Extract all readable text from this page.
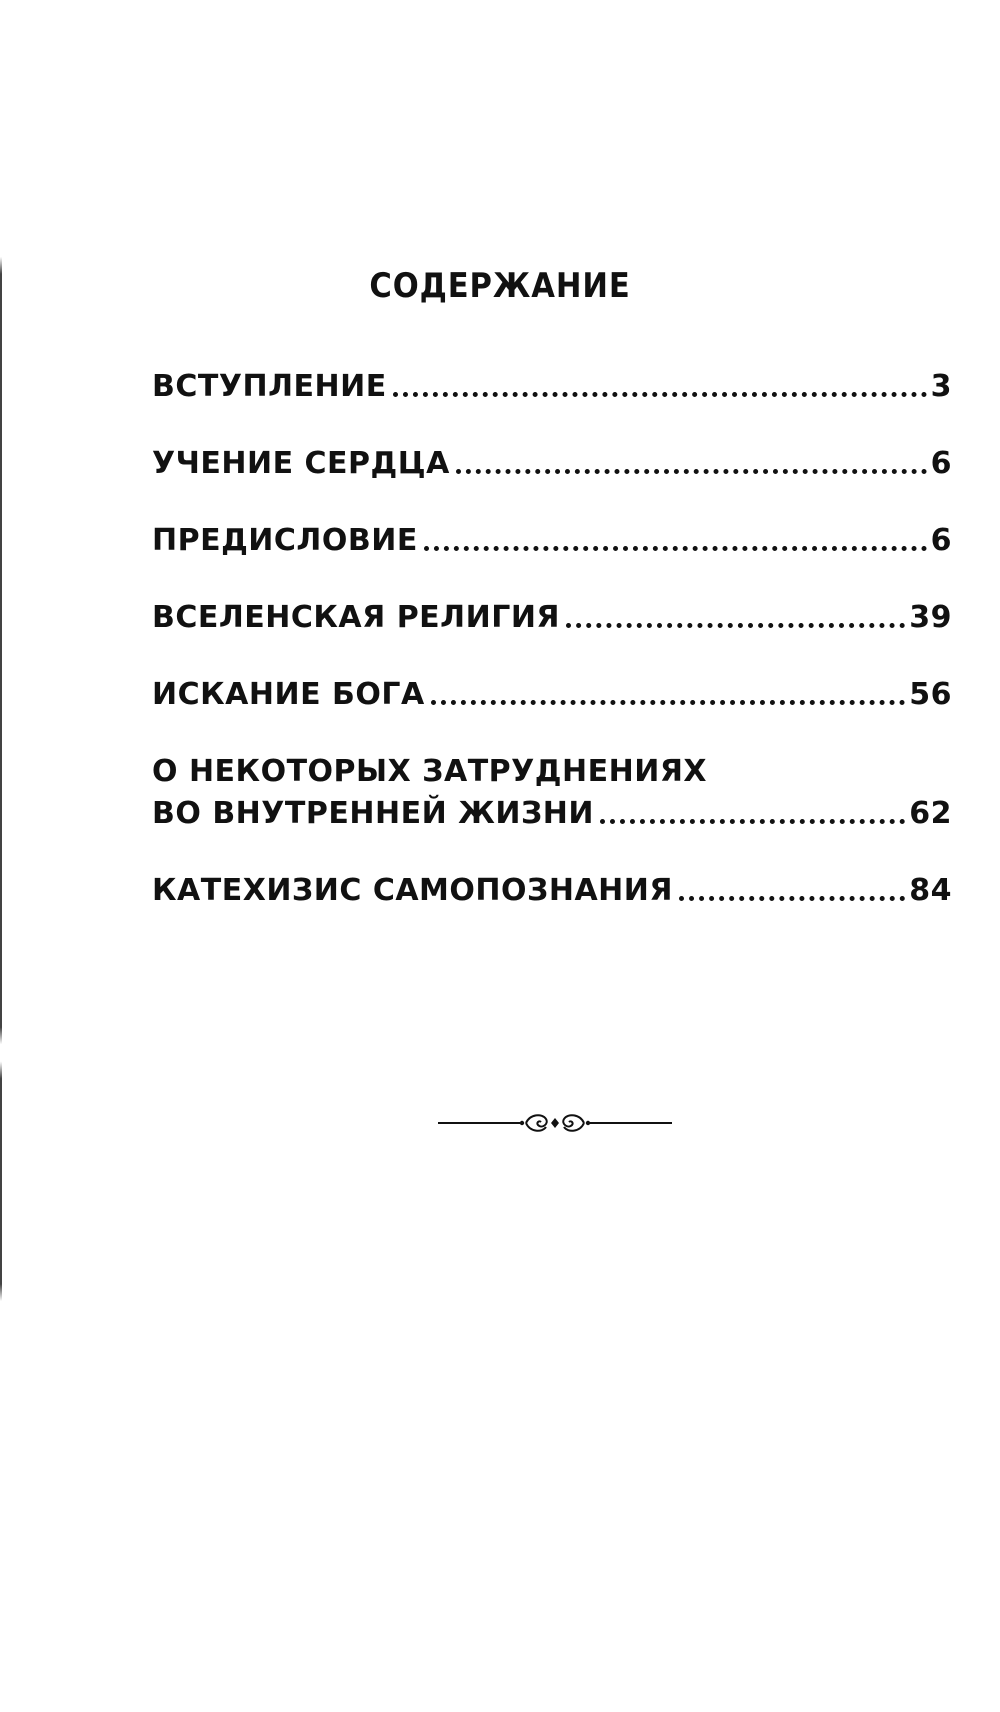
СОДЕРЖАНИЕ
ВСТУПЛЕНИЕ	3
УЧЕНИЕ СЕРДЦА	6
ПРЕДИСЛОВИЕ	6
ВСЕЛЕНСКАЯ РЕЛИГИЯ	39
ИСКАНИЕ БОГА	56
О НЕКОТОРЫХ ЗАТРУДНЕНИЯХ
ВО ВНУТРЕННЕЙ ЖИЗНИ	62
КАТЕХИЗИС САМОПОЗНАНИЯ	84
